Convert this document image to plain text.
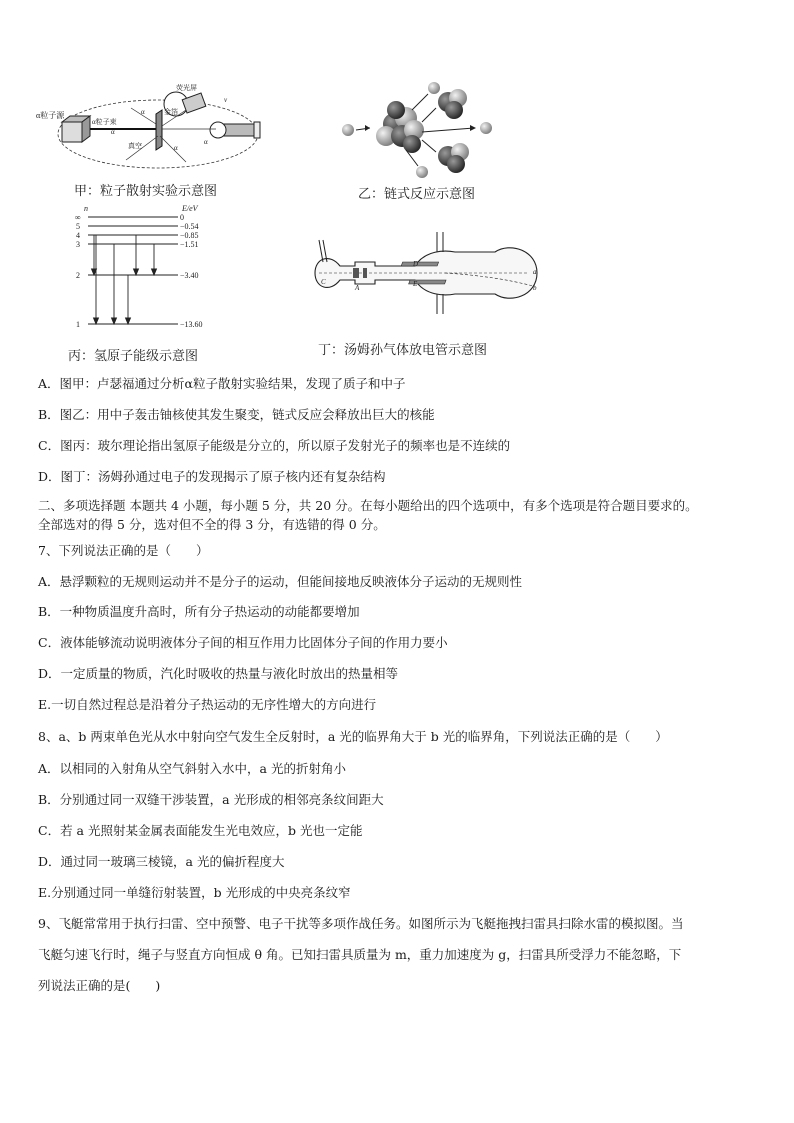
α粒子源
荧光屏
金箔
α粒子束
真空
α
α
α
α
v
甲：粒子散射实验示意图	乙：链式反应示意图
n	E/eV
∞	0
5	−0.54
4	−0.85
3	−1.51
2	−3.40
1	−13.60
丙：氢原子能级示意图
C
A
D
E
a
b
丁：汤姆孙气体放电管示意图
A．图甲：卢瑟福通过分析α粒子散射实验结果，发现了质子和中子
B．图乙：用中子轰击铀核使其发生聚变，链式反应会释放出巨大的核能
C．图丙：玻尔理论指出氢原子能级是分立的，所以原子发射光子的频率也是不连续的
D．图丁：汤姆孙通过电子的发现揭示了原子核内还有复杂结构
二、多项选择题 本题共 4 小题，每小题 5 分，共 20 分。在每小题给出的四个选项中，有多个选项是符合题目要求的。
全部选对的得 5 分，选对但不全的得 3 分，有选错的得 0 分。
7、下列说法正确的是（　　）
A．悬浮颗粒的无规则运动并不是分子的运动，但能间接地反映液体分子运动的无规则性
B．一种物质温度升高时，所有分子热运动的动能都要增加
C．液体能够流动说明液体分子间的相互作用力比固体分子间的作用力要小
D．一定质量的物质，汽化时吸收的热量与液化时放出的热量相等
E.一切自然过程总是沿着分子热运动的无序性增大的方向进行
8、a、b 两束单色光从水中射向空气发生全反射时，a 光的临界角大于 b 光的临界角，下列说法正确的是（　　）
A．以相同的入射角从空气斜射入水中，a 光的折射角小
B．分别通过同一双缝干涉装置，a 光形成的相邻亮条纹间距大
C．若 a 光照射某金属表面能发生光电效应，b 光也一定能
D．通过同一玻璃三棱镜，a 光的偏折程度大
E.分别通过同一单缝衍射装置，b 光形成的中央亮条纹窄
9、飞艇常常用于执行扫雷、空中预警、电子干扰等多项作战任务。如图所示为飞艇拖拽扫雷具扫除水雷的模拟图。当
飞艇匀速飞行时，绳子与竖直方向恒成 θ 角。已知扫雷具质量为 m，重力加速度为 g，扫雷具所受浮力不能忽略，下
列说法正确的是(　　)
